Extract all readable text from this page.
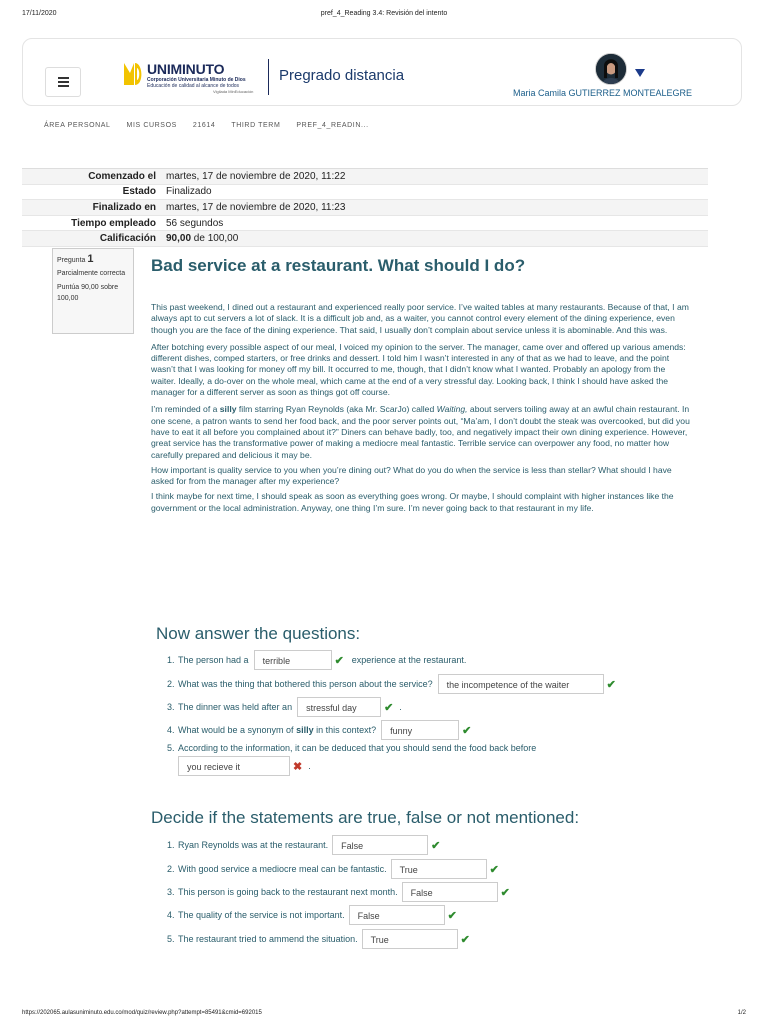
17/11/2020	pref_4_Reading 3.4: Revisión del intento
UNIMINUTO
Corporación Universitaria Minuto de Dios
Educación de calidad al alcance de todos
Vigilada MinEducación
Pregrado distancia
Maria Camila GUTIERREZ MONTEALEGRE
ÁREA PERSONAL MIS CURSOS 21614 THIRD TERM PREF_4_READIN...
Comenzado el	martes, 17 de noviembre de 2020, 11:22
Estado	Finalizado
Finalizado en	martes, 17 de noviembre de 2020, 11:23
Tiempo empleado	56 segundos
Calificación	90,00 de 100,00
Pregunta 1

Parcialmente correcta

Puntúa 90,00 sobre 100,00

Bad service at a restaurant. What should I do?

This past weekend, I dined out a restaurant and experienced really poor service. I’ve waited tables at many restaurants. Because of that, I am always apt to cut servers a lot of slack. It is a difficult job and, as a waiter, you cannot control every element of the dining experience, even though you are the face of the dining experience. That said, I usually don’t complain about service unless it is abominable. And this was.

After botching every possible aspect of our meal, I voiced my opinion to the server. The manager, came over and offered up various amends: different dishes, comped starters, or free drinks and dessert. I told him I wasn’t interested in any of that as we had to leave, and the point wasn’t that I was looking for money off my bill. It occurred to me, though, that I didn’t know what I wanted. Probably an apology from the waiter. Ideally, a do-over on the whole meal, which came at the end of a very stressful day. Looking back, I think I should have asked the manager for a different server as soon as things got off course.

I’m reminded of a silly film starring Ryan Reynolds (aka Mr. ScarJo) called Waiting, about servers toiling away at an awful chain restaurant. In one scene, a patron wants to send her food back, and the poor server points out, “Ma’am, I don’t doubt the steak was overcooked, but did you have to eat it all before you complained about it?” Diners can behave badly, too, and negatively impact their own dining experience. However, great service has the transformative power of making a mediocre meal fantastic. Terrible service can overpower any food, no matter how carefully prepared and delicious it may be.

How important is quality service to you when you’re dining out? What do you do when the service is less than stellar? What should I have asked for from the manager after my experience?

I think maybe for next time, I should speak as soon as everything goes wrong. Or maybe, I should complaint with higher instances like the government or the local administration. Anyway, one thing I’m sure. I’m never going back to that restaurant in my life.

Now answer the questions:
1. The person had a	terrible	✔ experience at the restaurant.
2. What was the thing that bothered this person about the service?	the incompetence of the waiter	✔
3. The dinner was held after an	stressful day	✔ .
4. What would be a synonym of silly in this context?	funny	✔
5. According to the information, it can be deduced that you should send the food back before
you recieve it	✖ .
Decide if the statements are true, false or not mentioned:
1. Ryan Reynolds was at the restaurant.	False	✔
2. With good service a mediocre meal can be fantastic.	True	✔
3. This person is going back to the restaurant next month.	False	✔
4. The quality of the service is not important.	False	✔
5. The restaurant tried to ammend the situation.	True	✔
https://202065.aulasuniminuto.edu.co/mod/quiz/review.php?attempt=85491&cmid=692015	1/2
